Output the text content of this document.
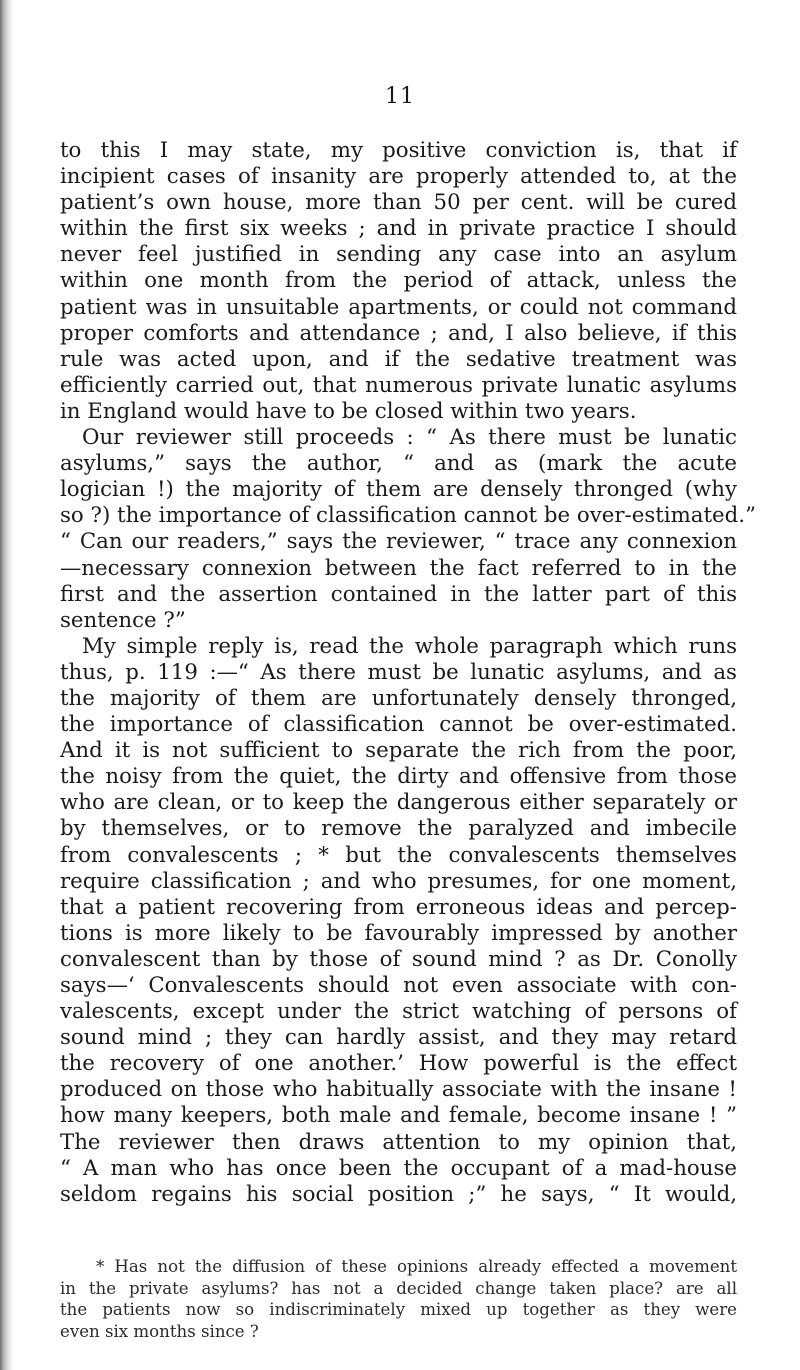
11
to this I may state, my positive conviction is, that if
incipient cases of insanity are properly attended to, at the
patient’s own house, more than 50 per cent. will be cured
within the first six weeks ; and in private practice I should
never feel justified in sending any case into an asylum
within one month from the period of attack, unless the
patient was in unsuitable apartments, or could not command
proper comforts and attendance ; and, I also believe, if this
rule was acted upon, and if the sedative treatment was
efficiently carried out, that numerous private lunatic asylums
in England would have to be closed within two years.
Our reviewer still proceeds : “ As there must be lunatic
asylums,” says the author, “ and as (mark the acute
logician !) the majority of them are densely thronged (why
so ?) the importance of classification cannot be over-estimated.”
“ Can our readers,” says the reviewer, “ trace any connexion
—necessary connexion between the fact referred to in the
first and the assertion contained in the latter part of this
sentence ?”
My simple reply is, read the whole paragraph which runs
thus, p. 119 :—“ As there must be lunatic asylums, and as
the majority of them are unfortunately densely thronged,
the importance of classification cannot be over-estimated.
And it is not sufficient to separate the rich from the poor,
the noisy from the quiet, the dirty and offensive from those
who are clean, or to keep the dangerous either separately or
by themselves, or to remove the paralyzed and imbecile
from convalescents ; * but the convalescents themselves
require classification ; and who presumes, for one moment,
that a patient recovering from erroneous ideas and percep-
tions is more likely to be favourably impressed by another
convalescent than by those of sound mind ? as Dr. Conolly
says—‘ Convalescents should not even associate with con-
valescents, except under the strict watching of persons of
sound mind ; they can hardly assist, and they may retard
the recovery of one another.’ How powerful is the effect
produced on those who habitually associate with the insane !
how many keepers, both male and female, become insane ! ”
The reviewer then draws attention to my opinion that,
“ A man who has once been the occupant of a mad-house
seldom regains his social position ;” he says, “ It would,
* Has not the diffusion of these opinions already effected a movement
in the private asylums? has not a decided change taken place? are all
the patients now so indiscriminately mixed up together as they were
even six months since ?
